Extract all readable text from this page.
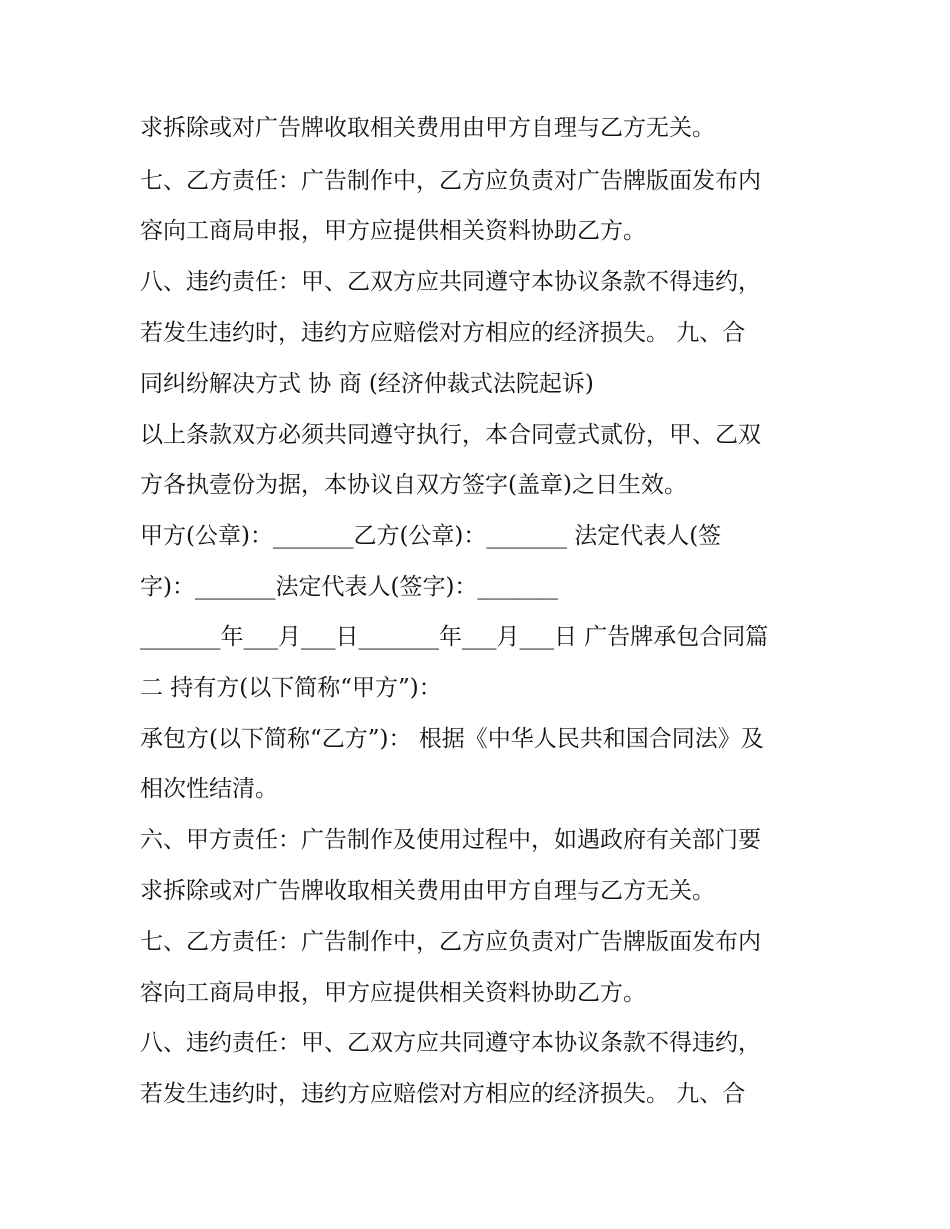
求拆除或对广告牌收取相关费用由甲方自理与乙方无关。
七、乙方责任：广告制作中，乙方应负责对广告牌版面发布内
容向工商局申报，甲方应提供相关资料协助乙方。
八、违约责任：甲、乙双方应共同遵守本协议条款不得违约，
若发生违约时，违约方应赔偿对方相应的经济损失。 九、合
同纠纷解决方式 协 商 (经济仲裁式法院起诉)
以上条款双方必须共同遵守执行，本合同壹式贰份，甲、乙双
方各执壹份为据，本协议自双方签字(盖章)之日生效。
甲方(公章)：_______乙方(公章)：_______ 法定代表人(签
字)：_______法定代表人(签字)：_______
_______年___月___日_______年___月___日 广告牌承包合同篇
二 持有方(以下简称“甲方”)：
承包方(以下简称“乙方”)： 根据《中华人民共和国合同法》及
相次性结清。
六、甲方责任：广告制作及使用过程中，如遇政府有关部门要
求拆除或对广告牌收取相关费用由甲方自理与乙方无关。
七、乙方责任：广告制作中，乙方应负责对广告牌版面发布内
容向工商局申报，甲方应提供相关资料协助乙方。
八、违约责任：甲、乙双方应共同遵守本协议条款不得违约，
若发生违约时，违约方应赔偿对方相应的经济损失。 九、合
